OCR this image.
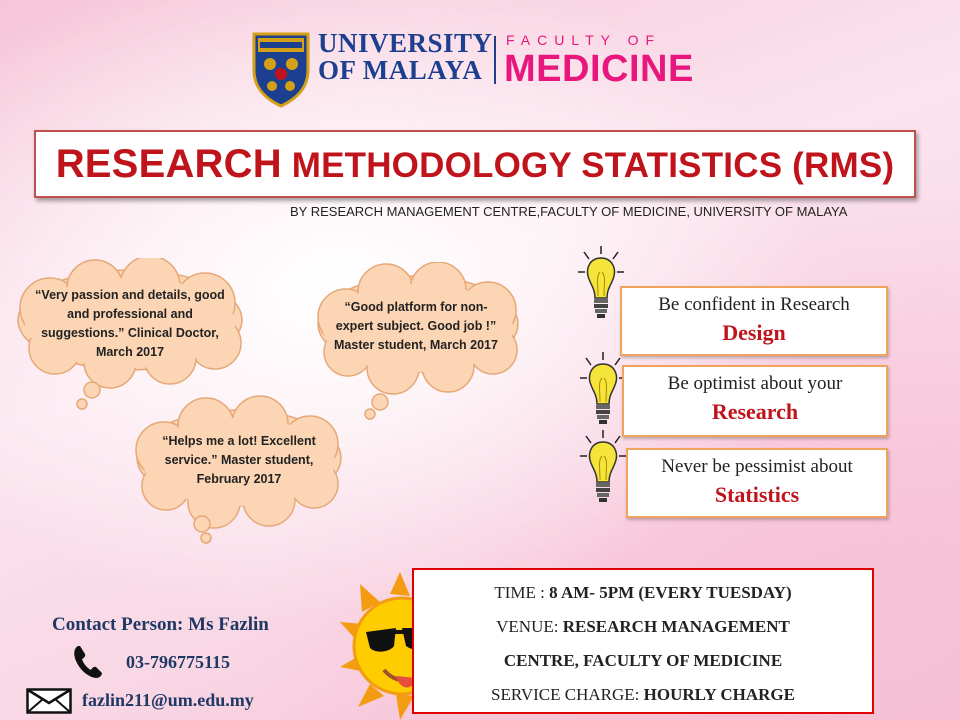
UNIVERSITY
OF MALAYA
FACULTY OF
MEDICINE
RESEARCH METHODOLOGY STATISTICS (RMS)
BY RESEARCH MANAGEMENT CENTRE,FACULTY OF MEDICINE, UNIVERSITY OF MALAYA
“Very passion and details, good and professional and suggestions.” Clinical Doctor, March 2017
“Good platform for non-expert subject. Good job !” Master student, March 2017
“Helps me a lot! Excellent service.” Master student, February 2017
Be confident in Research
Design
Be optimist about your
Research
Never be pessimist about
Statistics
Contact Person: Ms Fazlin
03-796775115
fazlin211@um.edu.my
TIME : 8 AM- 5PM (EVERY TUESDAY)
VENUE: RESEARCH MANAGEMENT
CENTRE, FACULTY OF MEDICINE
SERVICE CHARGE: HOURLY CHARGE
